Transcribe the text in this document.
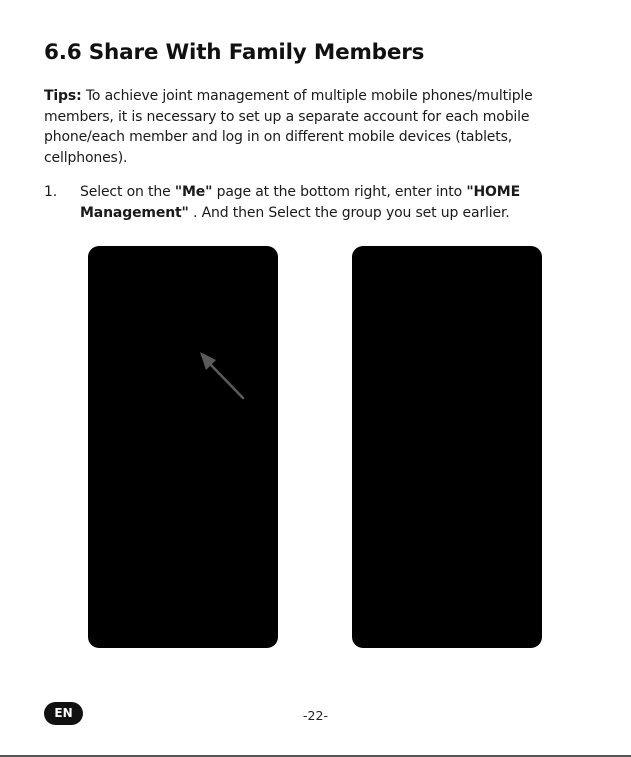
6.6 Share With Family Members

Tips: To achieve joint management of multiple mobile phones/multiple members, it is necessary to set up a separate account for each mobile phone/each member and log in on different mobile devices (tablets, cellphones).

1. Select on the "Me" page at the bottom right, enter into "HOME Management" . And then Select the group you set up earlier.
EN	-22-
